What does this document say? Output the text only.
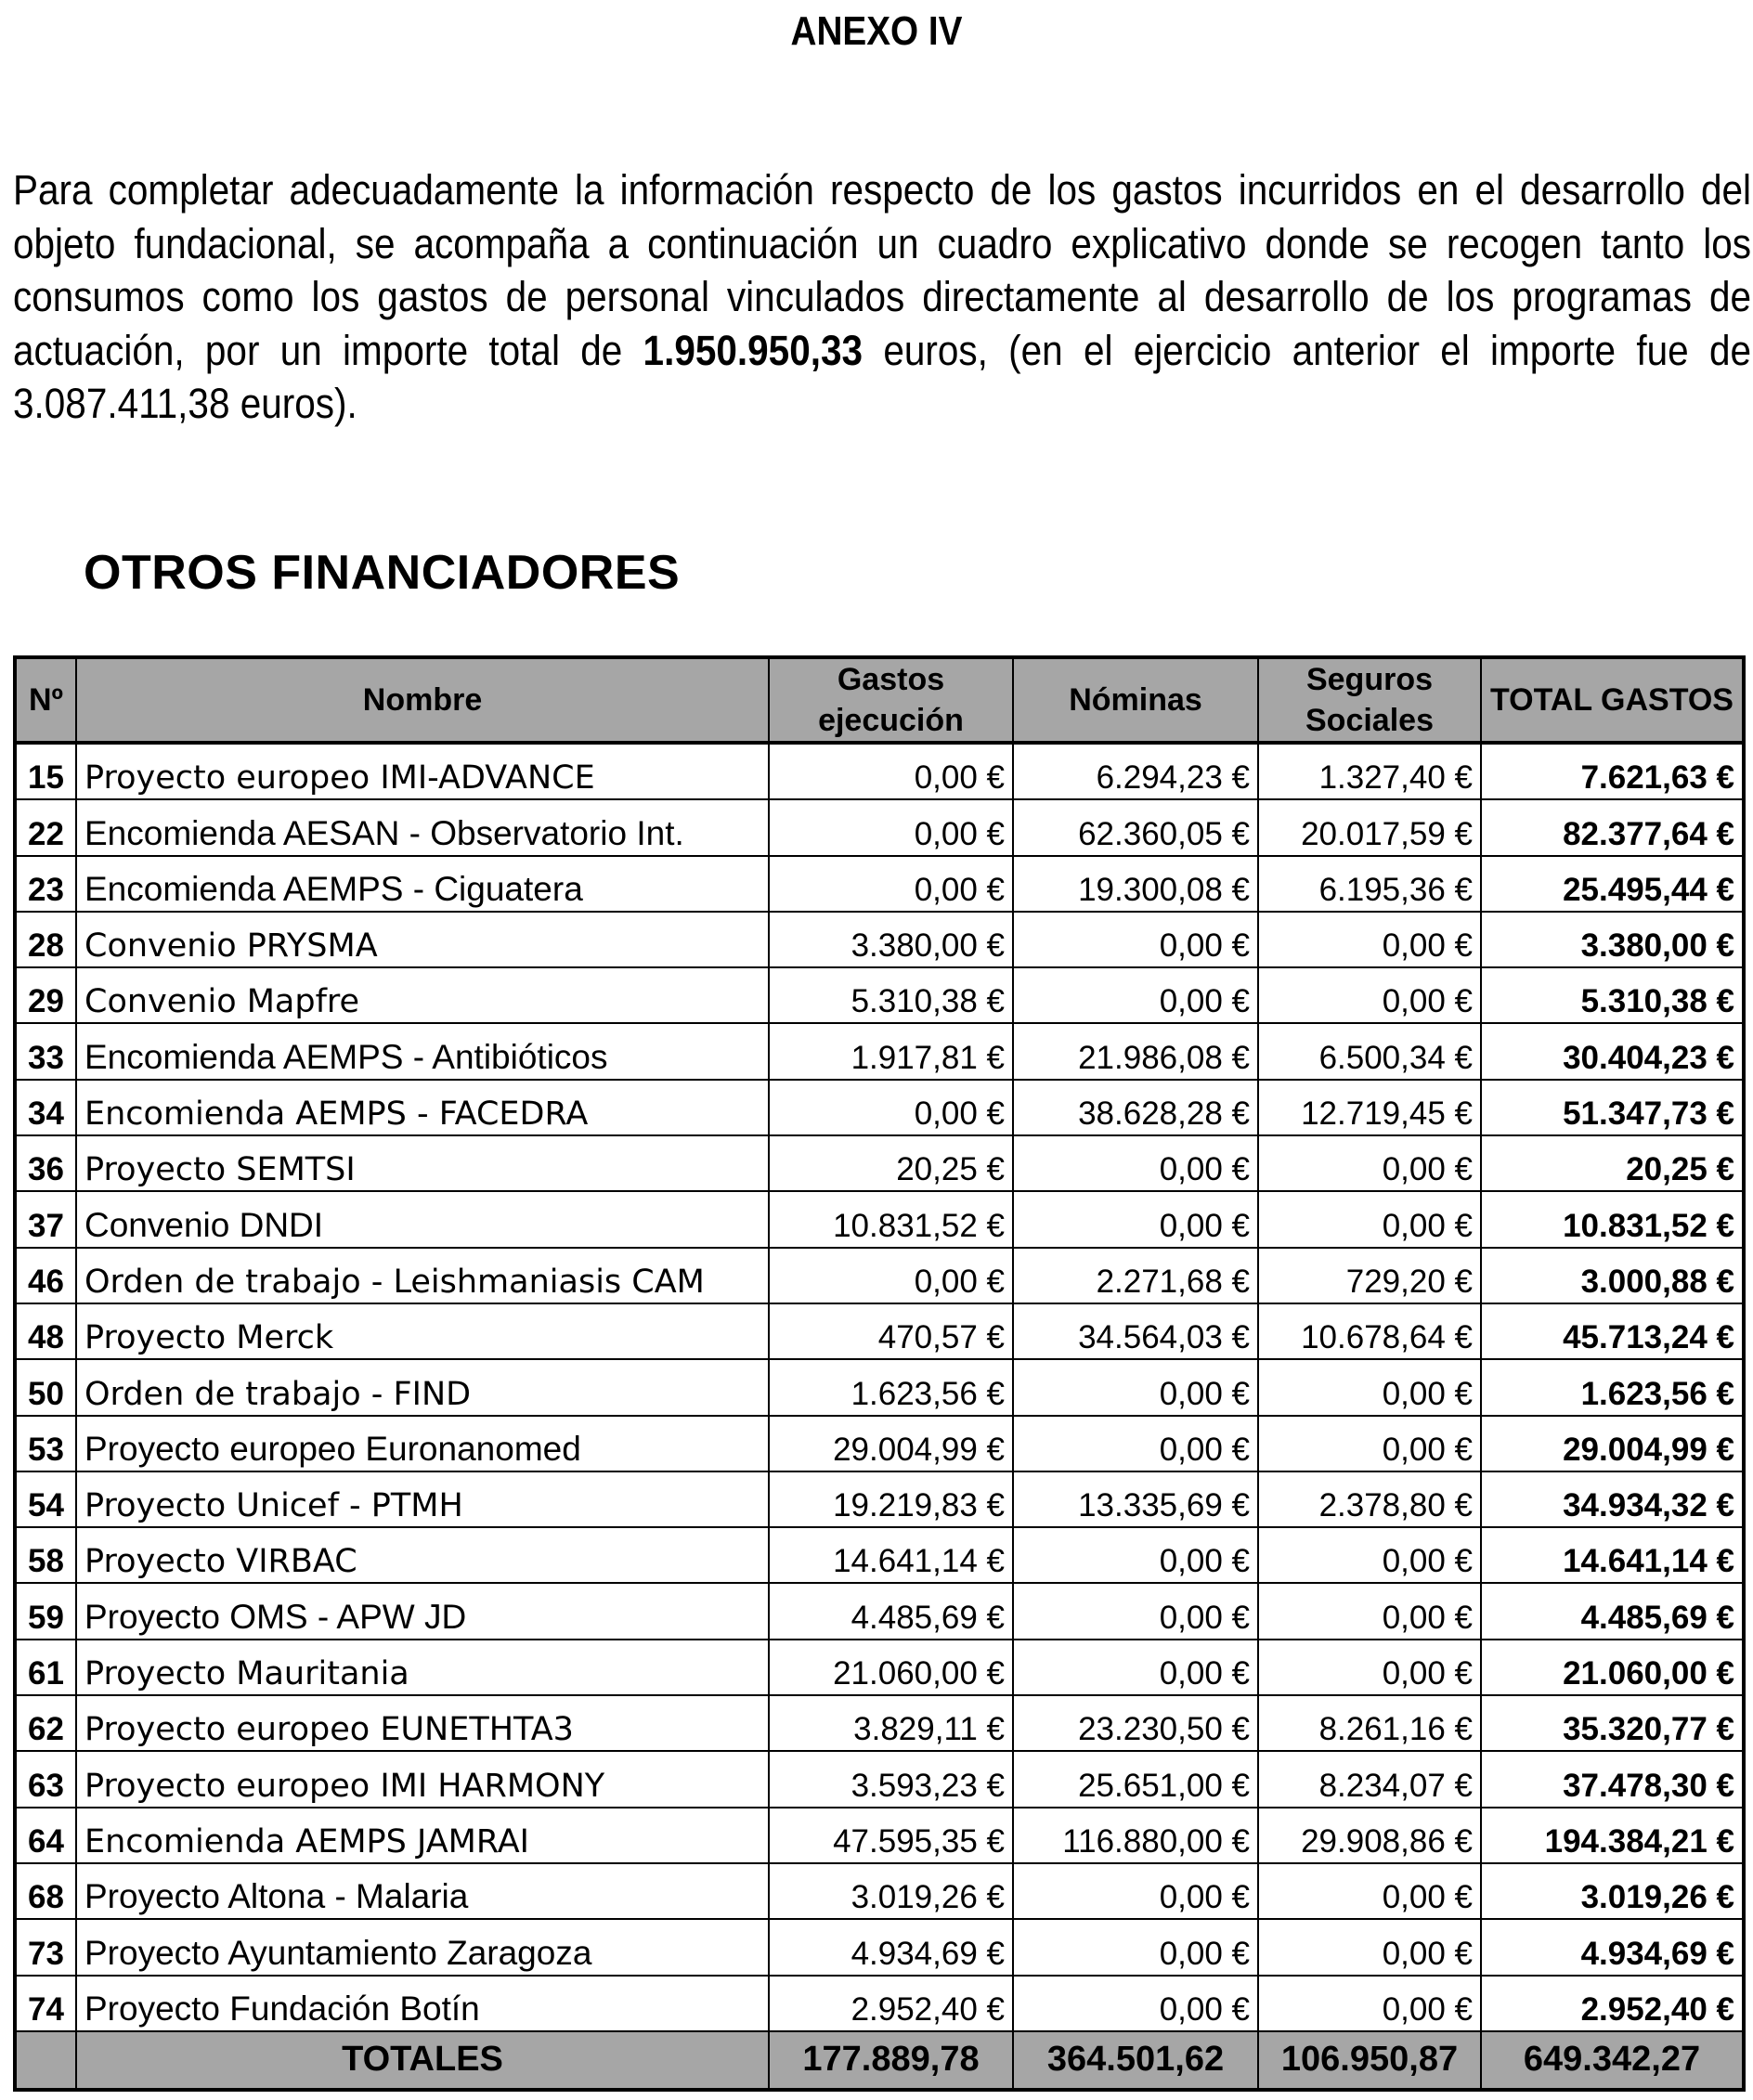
ANEXO IV

Para completar adecuadamente la información respecto de los gastos incurridos en el desarrollo del objeto fundacional, se acompaña a continuación un cuadro explicativo donde se recogen tanto los consumos como los gastos de personal vinculados directamente al desarrollo de los programas de actuación, por un importe total de 1.950.950,33 euros, (en el ejercicio anterior el importe fue de 3.087.411,38 euros).

OTROS FINANCIADORES
Nº	Nombre	Gastos ejecución	Nóminas	Seguros Sociales	TOTAL GASTOS
15	Proyecto europeo IMI-ADVANCE	0,00 €	6.294,23 €	1.327,40 €	7.621,63 €
22	Encomienda AESAN - Observatorio Int.	0,00 €	62.360,05 €	20.017,59 €	82.377,64 €
23	Encomienda AEMPS - Ciguatera	0,00 €	19.300,08 €	6.195,36 €	25.495,44 €
28	Convenio PRYSMA	3.380,00 €	0,00 €	0,00 €	3.380,00 €
29	Convenio Mapfre	5.310,38 €	0,00 €	0,00 €	5.310,38 €
33	Encomienda AEMPS - Antibióticos	1.917,81 €	21.986,08 €	6.500,34 €	30.404,23 €
34	Encomienda AEMPS - FACEDRA	0,00 €	38.628,28 €	12.719,45 €	51.347,73 €
36	Proyecto SEMTSI	20,25 €	0,00 €	0,00 €	20,25 €
37	Convenio DNDI	10.831,52 €	0,00 €	0,00 €	10.831,52 €
46	Orden de trabajo - Leishmaniasis CAM	0,00 €	2.271,68 €	729,20 €	3.000,88 €
48	Proyecto Merck	470,57 €	34.564,03 €	10.678,64 €	45.713,24 €
50	Orden de trabajo - FIND	1.623,56 €	0,00 €	0,00 €	1.623,56 €
53	Proyecto europeo Euronanomed	29.004,99 €	0,00 €	0,00 €	29.004,99 €
54	Proyecto Unicef - PTMH	19.219,83 €	13.335,69 €	2.378,80 €	34.934,32 €
58	Proyecto VIRBAC	14.641,14 €	0,00 €	0,00 €	14.641,14 €
59	Proyecto OMS - APW JD	4.485,69 €	0,00 €	0,00 €	4.485,69 €
61	Proyecto Mauritania	21.060,00 €	0,00 €	0,00 €	21.060,00 €
62	Proyecto europeo EUNETHTA3	3.829,11 €	23.230,50 €	8.261,16 €	35.320,77 €
63	Proyecto europeo IMI HARMONY	3.593,23 €	25.651,00 €	8.234,07 €	37.478,30 €
64	Encomienda AEMPS JAMRAI	47.595,35 €	116.880,00 €	29.908,86 €	194.384,21 €
68	Proyecto Altona - Malaria	3.019,26 €	0,00 €	0,00 €	3.019,26 €
73	Proyecto Ayuntamiento Zaragoza	4.934,69 €	0,00 €	0,00 €	4.934,69 €
74	Proyecto Fundación Botín	2.952,40 €	0,00 €	0,00 €	2.952,40 €
	TOTALES	177.889,78	364.501,62	106.950,87	649.342,27
